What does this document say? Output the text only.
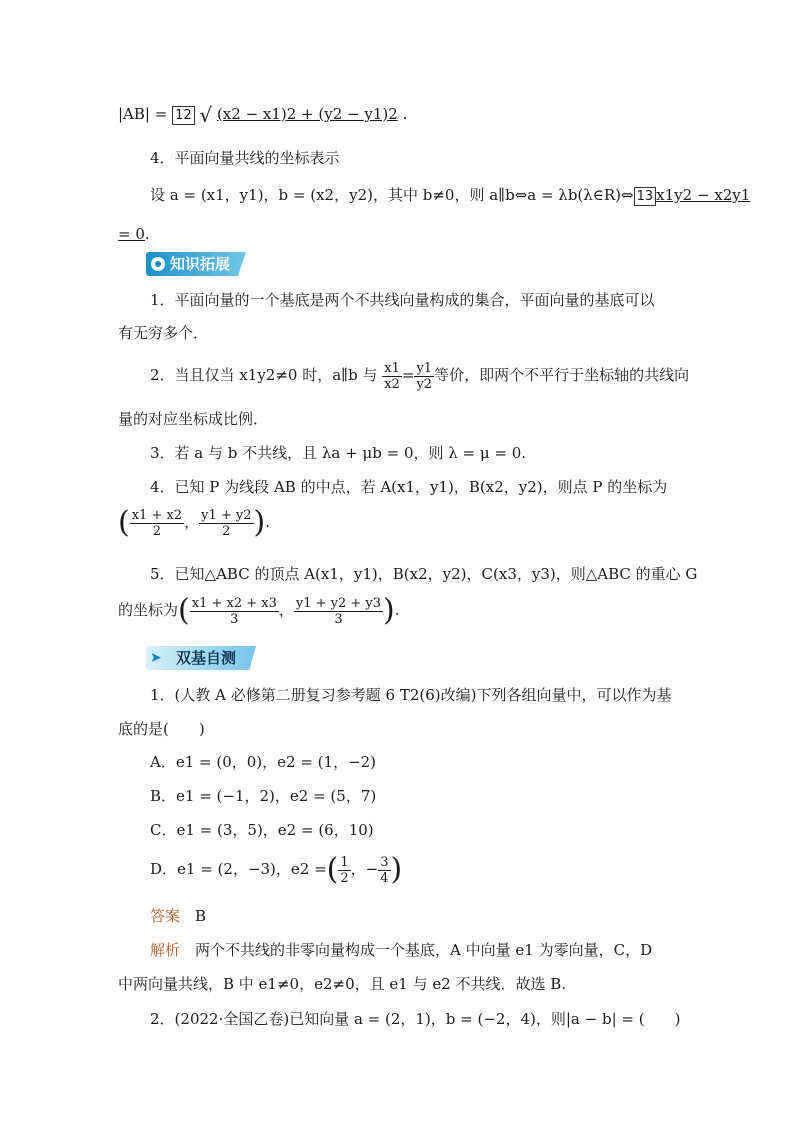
|AB| = 12 √ (x2 − x1)2 + (y2 − y1)2 .
4．平面向量共线的坐标表示
设 a = (x1，y1)，b = (x2，y2)，其中 b≠0，则 a∥b⇔a = λb(λ∈R)⇔ 13 x1y2 − x2y1
= 0.
知识拓展
1．平面向量的一个基底是两个不共线向量构成的集合，平面向量的基底可以
有无穷多个．
2．当且仅当 x1y2≠0 时，a∥b 与 $\frac{x1}{x2} = \frac{y1}{y2}$ 等价，即两个不平行于坐标轴的共线向
量的对应坐标成比例．
3．若 a 与 b 不共线，且 λa + μb = 0，则 λ = μ = 0.
4．已知 P 为线段 AB 的中点，若 A(x1，y1)，B(x2，y2)，则点 P 的坐标为
( $\frac{x1 + x2}{2}$ ， $\frac{y1 + y2}{2}$ ).
5．已知△ABC 的顶点 A(x1，y1)，B(x2，y2)，C(x3，y3)，则△ABC 的重心 G
的坐标为( $\frac{x1 + x2 + x3}{3}$ ， $\frac{y1 + y2 + y3}{3}$ ).
➤ 双基自测
1．(人教 A 必修第二册复习参考题 6 T2(6)改编)下列各组向量中，可以作为基
底的是(　　)
A．e1 = (0，0)，e2 = (1，−2)
B．e1 = (−1，2)，e2 = (5，7)
C．e1 = (3，5)，e2 = (6，10)
D．e1 = (2，−3)，e2 =( $\frac{1}{2}$ ，− $\frac{3}{4}$ )
答案　 B
解析　 两个不共线的非零向量构成一个基底，A 中向量 e1 为零向量，C，D
中两向量共线，B 中 e1≠0，e2≠0，且 e1 与 e2 不共线．故选 B.
2．(2022·全国乙卷)已知向量 a = (2，1)，b = (−2，4)，则|a − b| = (　　)
